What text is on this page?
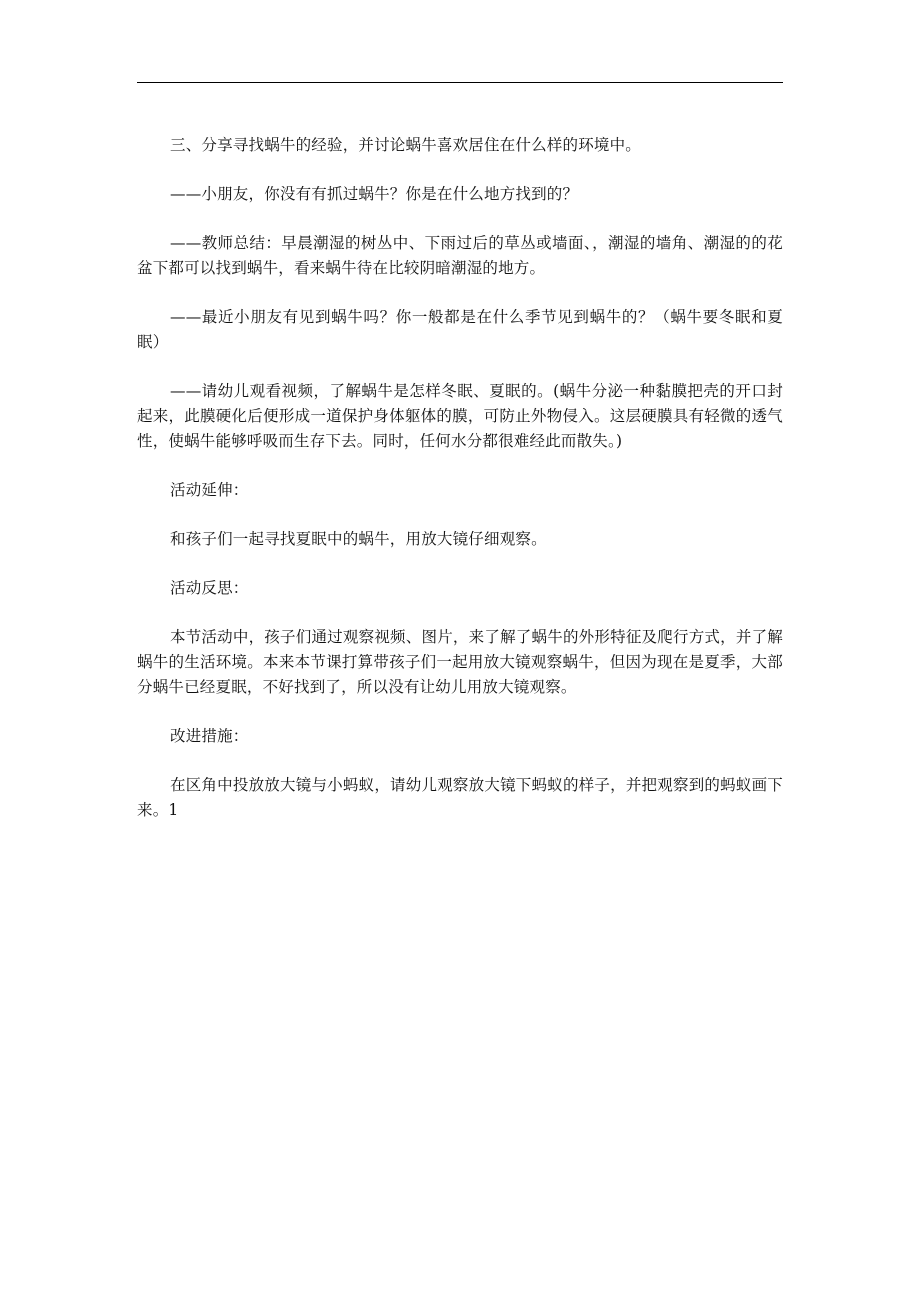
三、分享寻找蜗牛的经验，并讨论蜗牛喜欢居住在什么样的环境中。

——小朋友，你没有有抓过蜗牛？你是在什么地方找到的？

——教师总结：早晨潮湿的树丛中、下雨过后的草丛或墙面、，潮湿的墙角、潮湿的的花盆下都可以找到蜗牛，看来蜗牛待在比较阴暗潮湿的地方。

——最近小朋友有见到蜗牛吗？你一般都是在什么季节见到蜗牛的？（蜗牛要冬眠和夏眠）

——请幼儿观看视频，了解蜗牛是怎样冬眠、夏眠的。(蜗牛分泌一种黏膜把壳的开口封起来，此膜硬化后便形成一道保护身体躯体的膜，可防止外物侵入。这层硬膜具有轻微的透气性，使蜗牛能够呼吸而生存下去。同时，任何水分都很难经此而散失。)

活动延伸：

和孩子们一起寻找夏眠中的蜗牛，用放大镜仔细观察。

活动反思：

本节活动中，孩子们通过观察视频、图片，来了解了蜗牛的外形特征及爬行方式，并了解蜗牛的生活环境。本来本节课打算带孩子们一起用放大镜观察蜗牛，但因为现在是夏季，大部分蜗牛已经夏眠，不好找到了，所以没有让幼儿用放大镜观察。

改进措施：

在区角中投放放大镜与小蚂蚁，请幼儿观察放大镜下蚂蚁的样子，并把观察到的蚂蚁画下来。1
